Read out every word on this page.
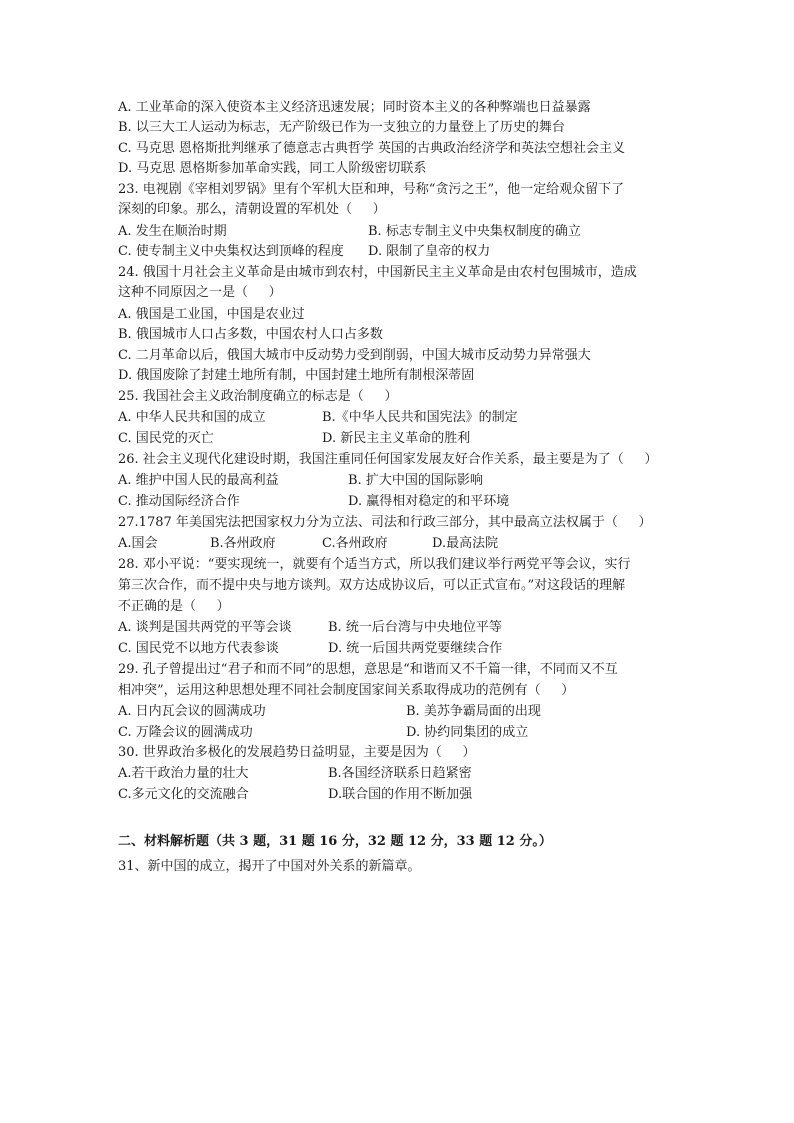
A. 工业革命的深入使资本主义经济迅速发展；同时资本主义的各种弊端也日益暴露
B. 以三大工人运动为标志，无产阶级已作为一支独立的力量登上了历史的舞台
C. 马克思 恩格斯批判继承了德意志古典哲学 英国的古典政治经济学和英法空想社会主义
D. 马克思 恩格斯参加革命实践，同工人阶级密切联系
23. 电视剧《宰相刘罗锅》里有个军机大臣和珅，号称“贪污之王”，他一定给观众留下了
深刻的印象。那么，清朝设置的军机处（     ）
A. 发生在顺治时期	B. 标志专制主义中央集权制度的确立
C. 使专制主义中央集权达到顶峰的程度 D. 限制了皇帝的权力
24. 俄国十月社会主义革命是由城市到农村，中国新民主主义革命是由农村包围城市，造成
这种不同原因之一是（     ）
A. 俄国是工业国，中国是农业过
B. 俄国城市人口占多数，中国农村人口占多数
C. 二月革命以后，俄国大城市中反动势力受到削弱，中国大城市反动势力异常强大
D. 俄国废除了封建土地所有制，中国封建土地所有制根深蒂固
25. 我国社会主义政治制度确立的标志是（     ）
A. 中华人民共和国的成立	B.《中华人民共和国宪法》的制定
C. 国民党的灭亡	D. 新民主主义革命的胜利
26. 社会主义现代化建设时期，我国注重同任何国家发展友好合作关系，最主要是为了（     ）
A. 维护中国人民的最高利益	B. 扩大中国的国际影响
C. 推动国际经济合作	D. 赢得相对稳定的和平环境
27.1787 年美国宪法把国家权力分为立法、司法和行政三部分，其中最高立法权属于（     ）
A.国会	B.各州政府	C.各州政府	D.最高法院
28. 邓小平说：“要实现统一，就要有个适当方式，所以我们建议举行两党平等会议，实行
第三次合作，而不提中央与地方谈判。双方达成协议后，可以正式宣布。”对这段话的理解
不正确的是（     ）
A. 谈判是国共两党的平等会谈	B. 统一后台湾与中央地位平等
C. 国民党不以地方代表参谈	D. 统一后国共两党要继续合作
29. 孔子曾提出过“君子和而不同”的思想，意思是“和谐而又不千篇一律，不同而又不互
相冲突”，运用这种思想处理不同社会制度国家间关系取得成功的范例有（     ）
A. 日内瓦会议的圆满成功	B. 美苏争霸局面的出现
C. 万隆会议的圆满成功	D. 协约同集团的成立
30. 世界政治多极化的发展趋势日益明显，主要是因为（     ）
A.若干政治力量的壮大	B.各国经济联系日趋紧密
C.多元文化的交流融合	D.联合国的作用不断加强
二、材料解析题（共 3 题，31 题 16 分，32 题 12 分，33 题 12 分。）
31、新中国的成立，揭开了中国对外关系的新篇章。
